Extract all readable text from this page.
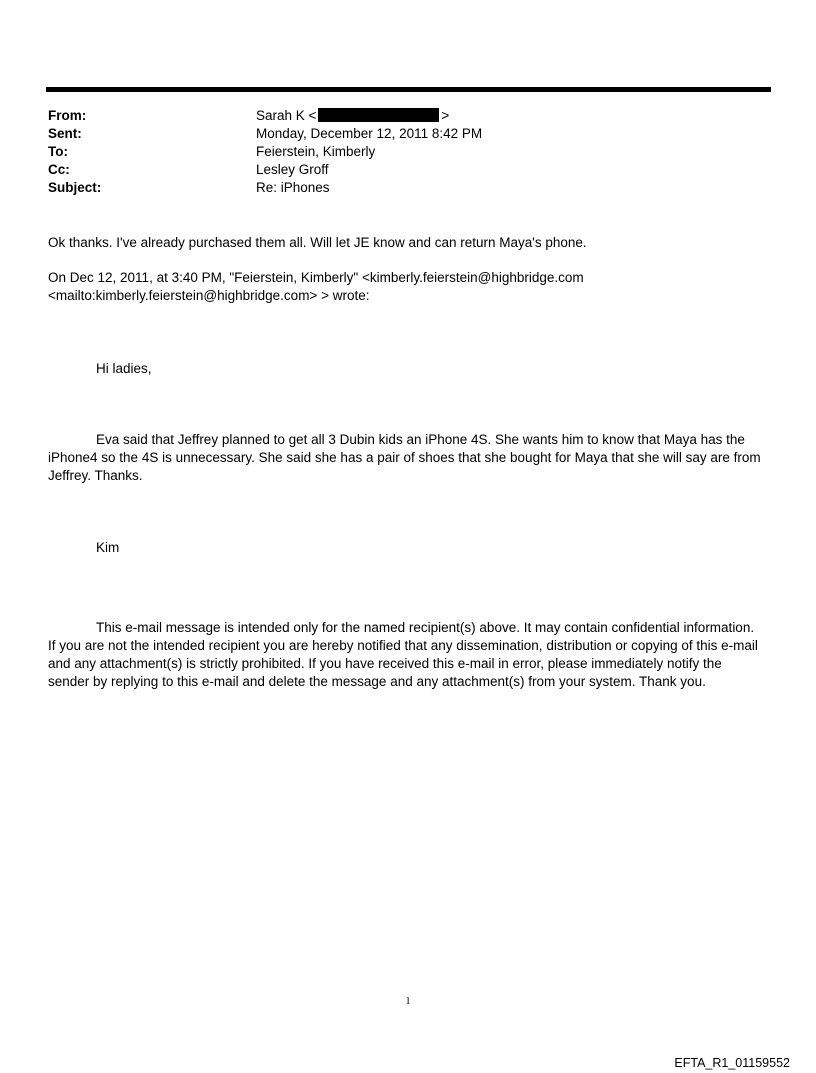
From:	Sarah K <	>
Sent:	Monday, December 12, 2011 8:42 PM
To:	Feierstein, Kimberly
Cc:	Lesley Groff
Subject:	Re: iPhones
Ok thanks. I've already purchased them all. Will let JE know and can return Maya's phone.
On Dec 12, 2011, at 3:40 PM, "Feierstein, Kimberly" <kimberly.feierstein@highbridge.com
<mailto:kimberly.feierstein@highbridge.com> > wrote:
Hi ladies,
Eva said that Jeffrey planned to get all 3 Dubin kids an iPhone 4S. She wants him to know that Maya has the iPhone4 so the 4S is unnecessary. She said she has a pair of shoes that she bought for Maya that she will say are from Jeffrey. Thanks.
Kim
This e-mail message is intended only for the named recipient(s) above. It may contain confidential information. If you are not the intended recipient you are hereby notified that any dissemination, distribution or copying of this e-mail and any attachment(s) is strictly prohibited. If you have received this e-mail in error, please immediately notify the sender by replying to this e-mail and delete the message and any attachment(s) from your system. Thank you.
1
EFTA_R1_01159552
